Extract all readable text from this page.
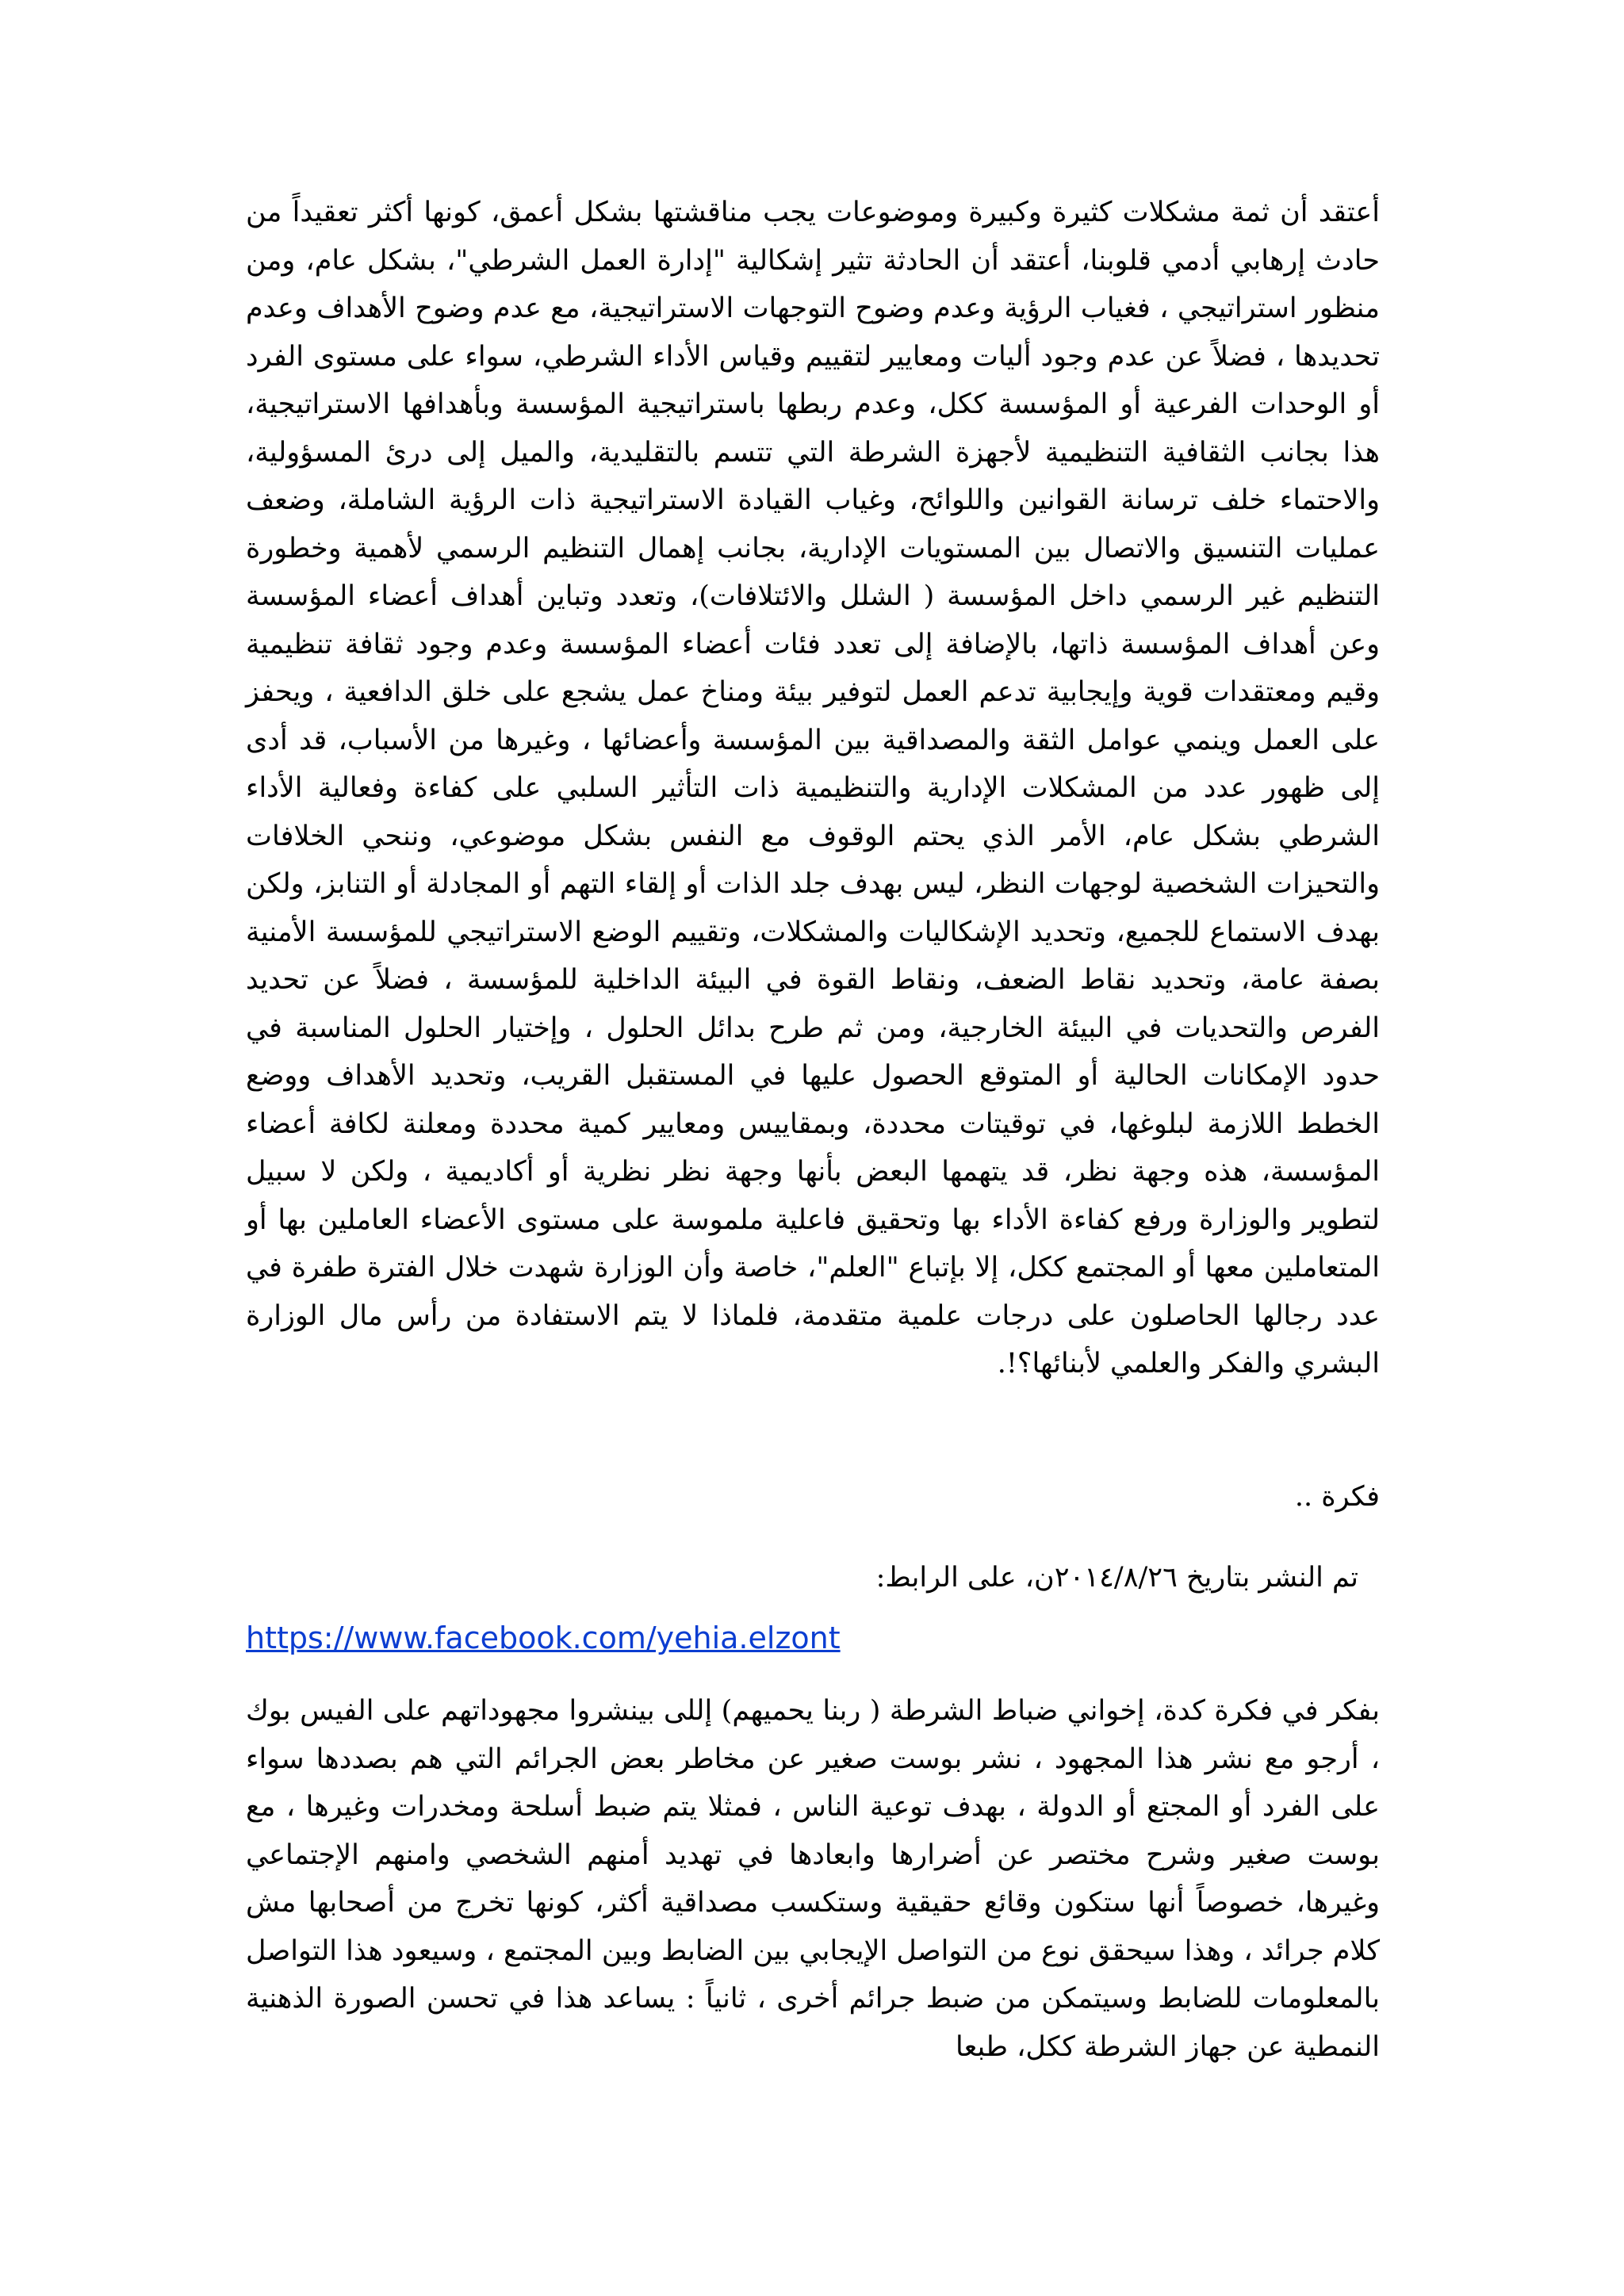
أعتقد أن ثمة مشكلات كثيرة وكبيرة وموضوعات يجب مناقشتها بشكل أعمق، كونها أكثر تعقيداً من حادث إرهابي أدمي قلوبنا، أعتقد أن الحادثة تثير إشكالية "إدارة العمل الشرطي"، بشكل عام، ومن منظور استراتيجي ، فغياب الرؤية وعدم وضوح التوجهات الاستراتيجية، مع عدم وضوح الأهداف وعدم تحديدها ، فضلاً عن عدم وجود أليات ومعايير لتقييم وقياس الأداء الشرطي، سواء على مستوى الفرد أو الوحدات الفرعية أو المؤسسة ككل، وعدم ربطها باستراتيجية المؤسسة وبأهدافها الاستراتيجية، هذا بجانب الثقافية التنظيمية لأجهزة الشرطة التي تتسم بالتقليدية، والميل إلى درئ المسؤولية، والاحتماء خلف ترسانة القوانين واللوائح، وغياب القيادة الاستراتيجية ذات الرؤية الشاملة، وضعف عمليات التنسيق والاتصال بين المستويات الإدارية، بجانب إهمال التنظيم الرسمي لأهمية وخطورة التنظيم غير الرسمي داخل المؤسسة ( الشلل والائتلافات)، وتعدد وتباين أهداف أعضاء المؤسسة وعن أهداف المؤسسة ذاتها، بالإضافة إلى تعدد فئات أعضاء المؤسسة وعدم وجود ثقافة تنظيمية وقيم ومعتقدات قوية وإيجابية تدعم العمل لتوفير بيئة ومناخ عمل يشجع على خلق الدافعية ، ويحفز على العمل وينمي عوامل الثقة والمصداقية بين المؤسسة وأعضائها ، وغيرها من الأسباب، قد أدى إلى ظهور عدد من المشكلات الإدارية والتنظيمية ذات التأثير السلبي على كفاءة وفعالية الأداء الشرطي بشكل عام، الأمر الذي يحتم الوقوف مع النفس بشكل موضوعي، وننحي الخلافات والتحيزات الشخصية لوجهات النظر، ليس بهدف جلد الذات أو إلقاء التهم أو المجادلة أو التنابز، ولكن بهدف الاستماع للجميع، وتحديد الإشكاليات والمشكلات، وتقييم الوضع الاستراتيجي للمؤسسة الأمنية بصفة عامة، وتحديد نقاط الضعف، ونقاط القوة في البيئة الداخلية للمؤسسة ، فضلاً عن تحديد الفرص والتحديات في البيئة الخارجية، ومن ثم طرح بدائل الحلول ، وإختيار الحلول المناسبة في حدود الإمكانات الحالية أو المتوقع الحصول عليها في المستقبل القريب، وتحديد الأهداف ووضع الخطط اللازمة لبلوغها، في توقيتات محددة، وبمقاييس ومعايير كمية محددة ومعلنة لكافة أعضاء المؤسسة، هذه وجهة نظر، قد يتهمها البعض بأنها وجهة نظر نظرية أو أكاديمية ، ولكن لا سبيل لتطوير والوزارة ورفع كفاءة الأداء بها وتحقيق فاعلية ملموسة على مستوى الأعضاء العاملين بها أو المتعاملين معها أو المجتمع ككل، إلا بإتباع "العلم"، خاصة وأن الوزارة شهدت خلال الفترة طفرة في عدد رجالها الحاصلون على درجات علمية متقدمة، فلماذا لا يتم الاستفادة من رأس مال الوزارة البشري والفكر والعلمي لأبنائها؟!.

فكرة ..

تم النشر بتاريخ ٢٠١٤/٨/٢٦ن، على الرابط:

https://www.facebook.com/yehia.elzont

بفكر في فكرة كدة، إخواني ضباط الشرطة ( ربنا يحميهم) إللى بينشروا مجهوداتهم على الفيس بوك ، أرجو مع نشر هذا المجهود ، نشر بوست صغير عن مخاطر بعض الجرائم التي هم بصددها سواء على الفرد أو المجتع أو الدولة ، بهدف توعية الناس ، فمثلا يتم ضبط أسلحة ومخدرات وغيرها ، مع بوست صغير وشرح مختصر عن أضرارها وابعادها في تهديد أمنهم الشخصي وامنهم الإجتماعي وغيرها، خصوصاً أنها ستكون وقائع حقيقية وستكسب مصداقية أكثر، كونها تخرج من أصحابها مش كلام جرائد ، وهذا سيحقق نوع من التواصل الإيجابي بين الضابط وبين المجتمع ، وسيعود هذا التواصل بالمعلومات للضابط وسيتمكن من ضبط جرائم أخرى ، ثانياً : يساعد هذا في تحسن الصورة الذهنية النمطية عن جهاز الشرطة ككل، طبعا
